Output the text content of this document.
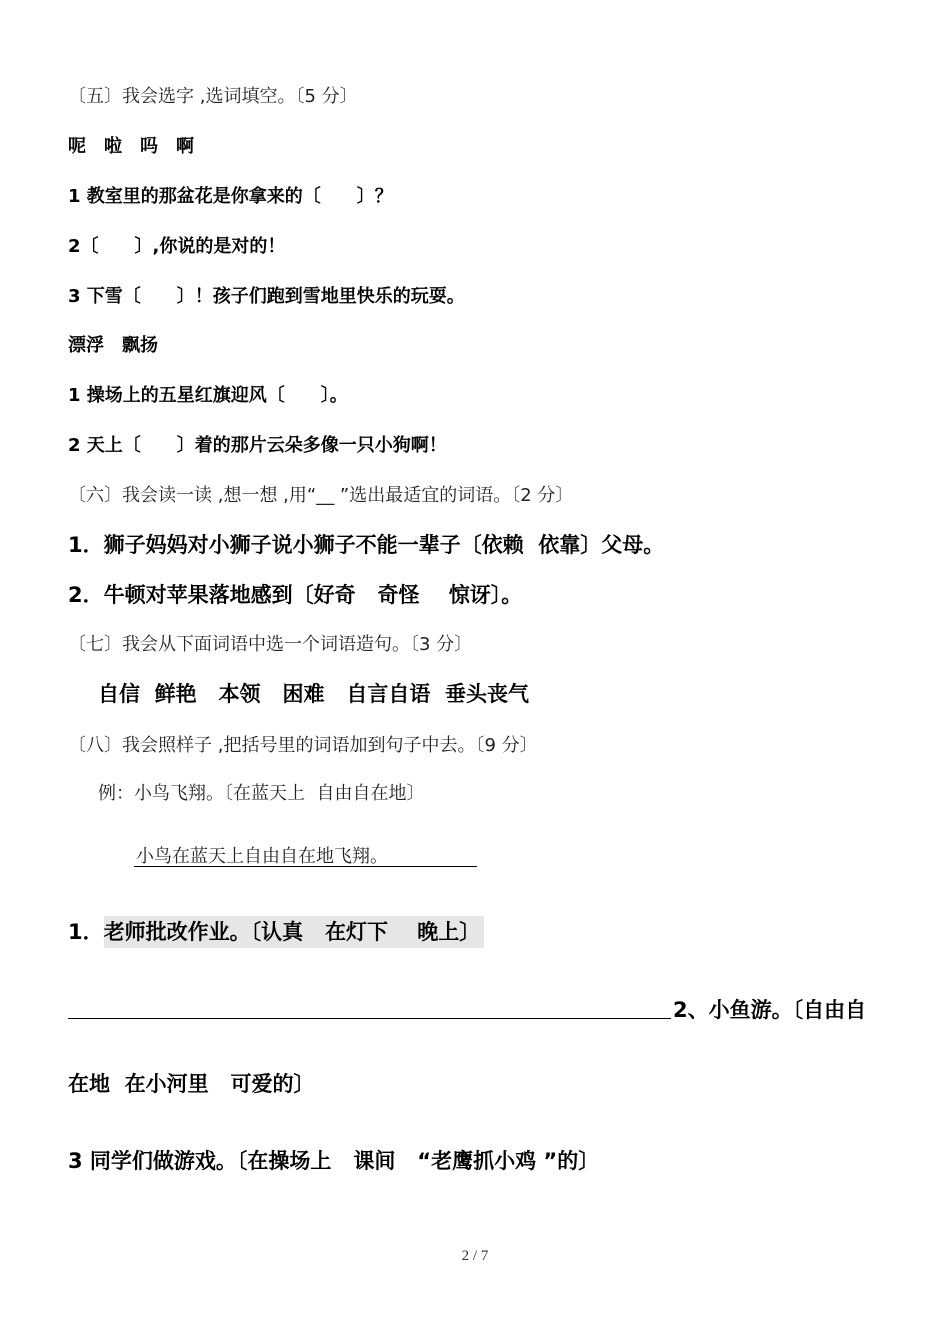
〔五〕我会选字 ,选词填空。〔5 分〕
呢　啦　吗　啊
1 教室里的那盆花是你拿来的〔　　〕？
2〔　　〕,你说的是对的！
3 下雪〔　　〕！孩子们跑到雪地里快乐的玩耍。
漂浮　飘扬
1 操场上的五星红旗迎风〔　　〕。
2 天上〔　　〕着的那片云朵多像一只小狗啊！
〔六〕我会读一读 ,想一想 ,用“__ ”选出最适宜的词语。〔2 分〕
1．狮子妈妈对小狮子说小狮子不能一辈子〔依赖  依靠〕父母。
2．牛顿对苹果落地感到〔好奇   奇怪    惊讶〕。
〔七〕我会从下面词语中选一个词语造句。〔3 分〕
自信  鲜艳   本领   困难   自言自语  垂头丧气
〔八〕我会照样子 ,把括号里的词语加到句子中去。〔9 分〕
例：小鸟飞翔。〔在蓝天上  自由自在地〕
小鸟在蓝天上自由自在地飞翔。
1．老师批改作业。〔认真   在灯下    晚上〕
2、小鱼游。〔自由自
在地  在小河里   可爱的〕
3 同学们做游戏。〔在操场上   课间   “老鹰抓小鸡 ”的〕
2 / 7
